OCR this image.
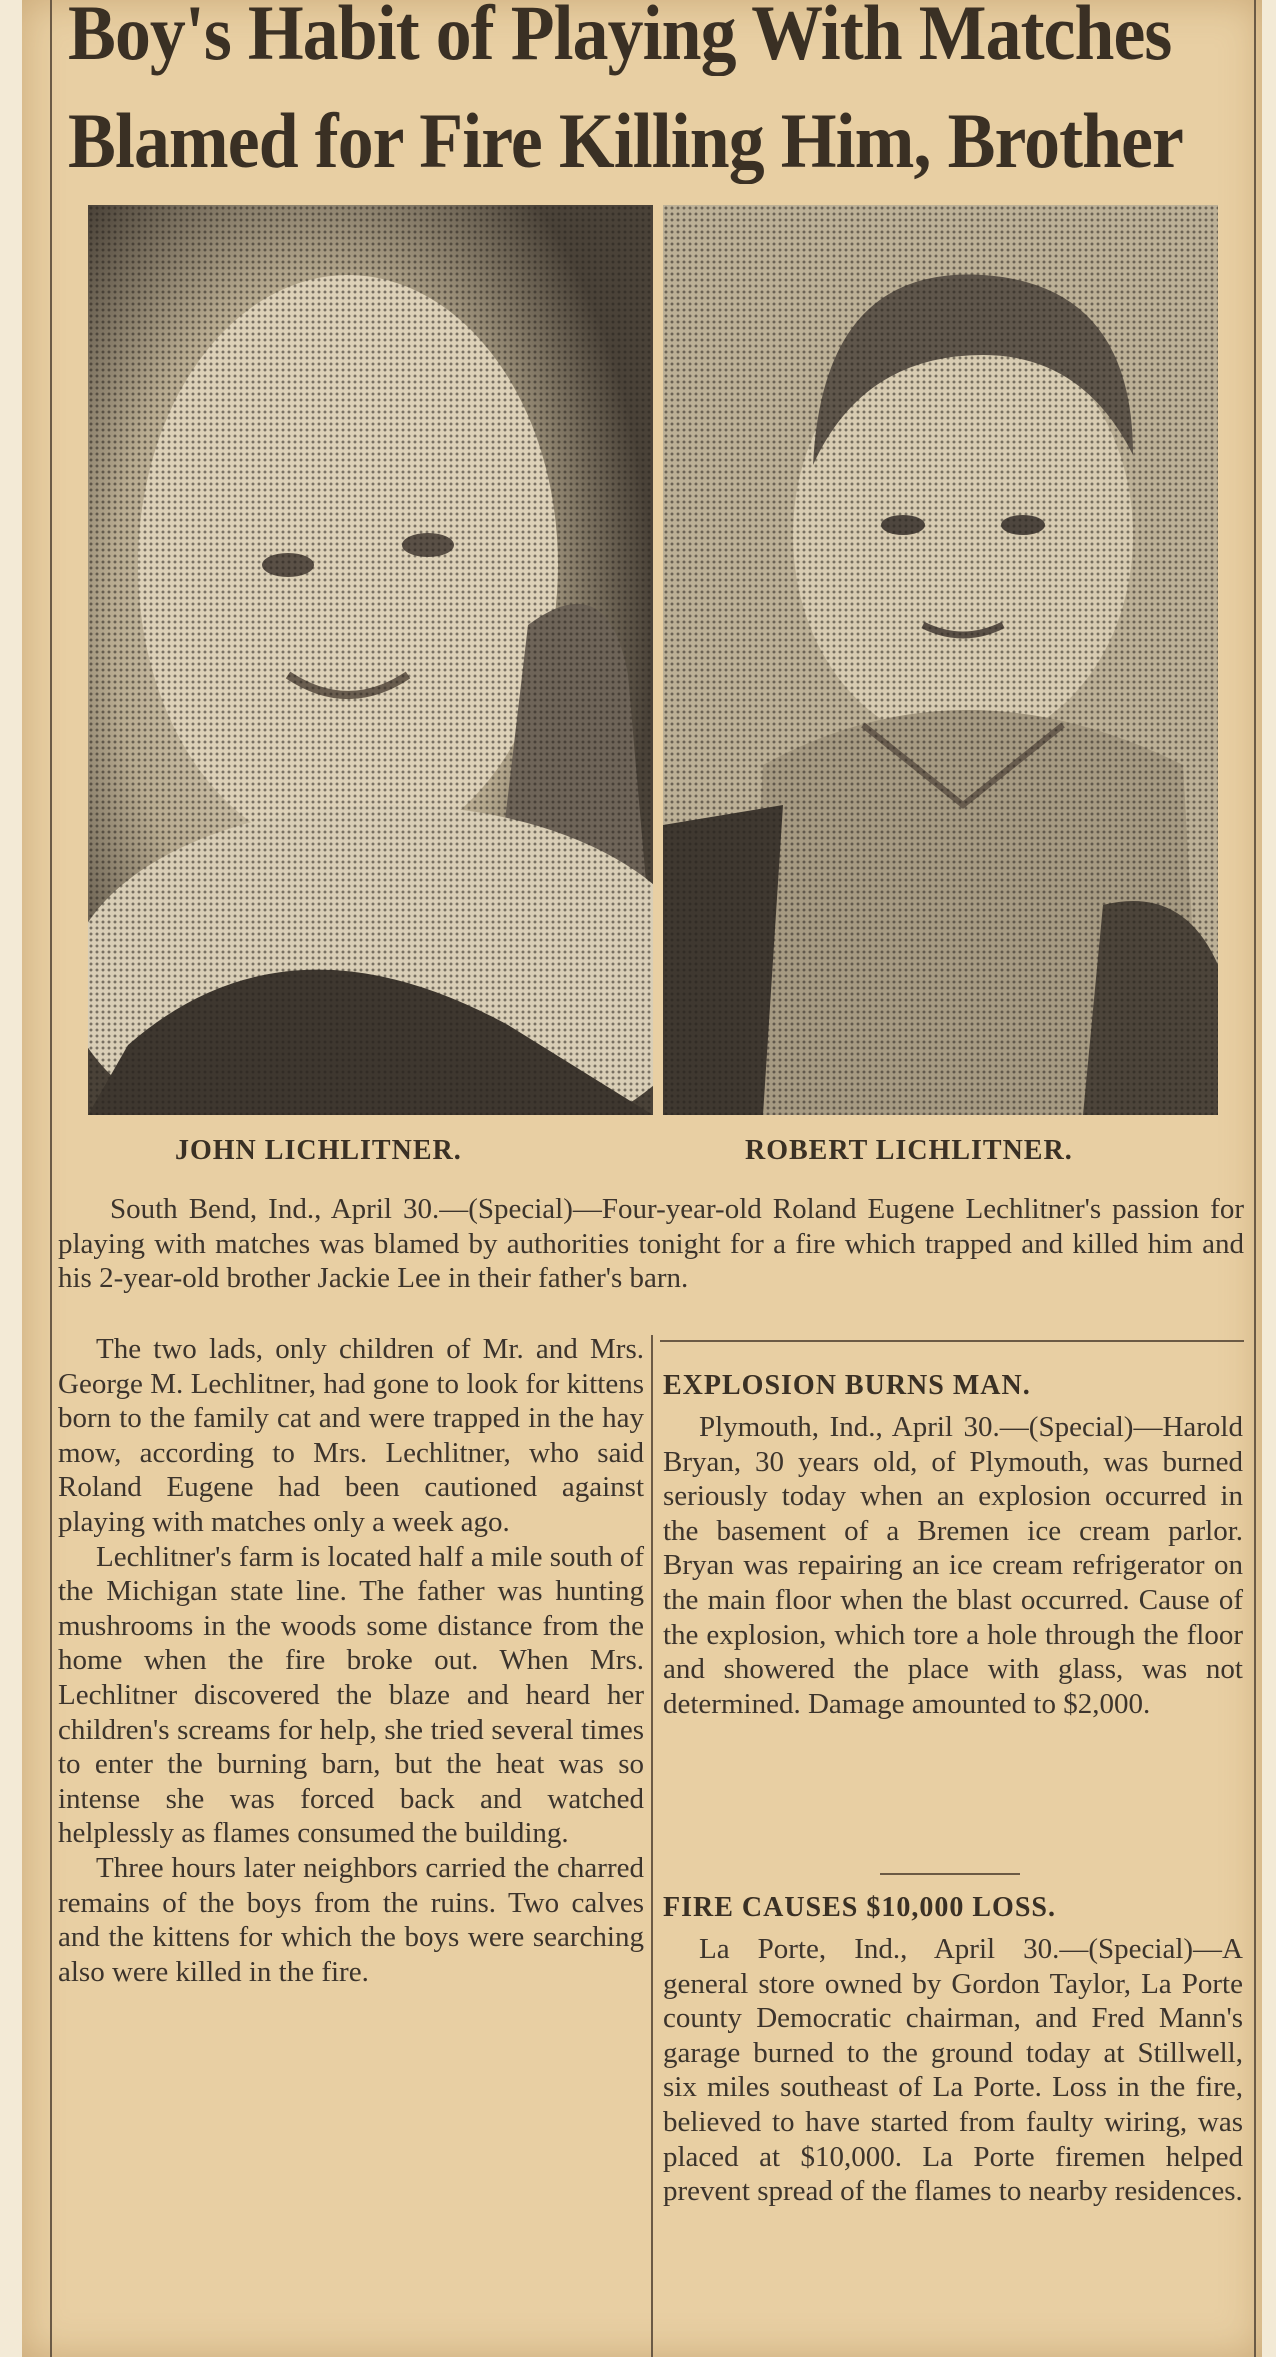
Boy's Habit of Playing With Matches
Blamed for Fire Killing Him, Brother
JOHN LICHLITNER.	ROBERT LICHLITNER.
South Bend, Ind., April 30.—(Special)—Four-year-old Roland Eugene Lechlitner's passion for playing with matches was blamed by authorities tonight for a fire which trapped and killed him and his 2-year-old brother Jackie Lee in their father's barn.
The two lads, only children of Mr. and Mrs. George M. Lechlitner, had gone to look for kittens born to the family cat and were trapped in the hay mow, according to Mrs. Lechlitner, who said Roland Eugene had been cautioned against playing with matches only a week ago.
Lechlitner's farm is located half a mile south of the Michigan state line. The father was hunting mushrooms in the woods some distance from the home when the fire broke out. When Mrs. Lechlitner discovered the blaze and heard her children's screams for help, she tried several times to enter the burning barn, but the heat was so intense she was forced back and watched helplessly as flames consumed the building.
Three hours later neighbors carried the charred remains of the boys from the ruins. Two calves and the kittens for which the boys were searching also were killed in the fire.
EXPLOSION BURNS MAN.
Plymouth, Ind., April 30.—(Special)—Harold Bryan, 30 years old, of Plymouth, was burned seriously today when an explosion occurred in the basement of a Bremen ice cream parlor. Bryan was repairing an ice cream refrigerator on the main floor when the blast occurred. Cause of the explosion, which tore a hole through the floor and showered the place with glass, was not determined. Damage amounted to $2,000.
FIRE CAUSES $10,000 LOSS.
La Porte, Ind., April 30.—(Special)—A general store owned by Gordon Taylor, La Porte county Democratic chairman, and Fred Mann's garage burned to the ground today at Stillwell, six miles southeast of La Porte. Loss in the fire, believed to have started from faulty wiring, was placed at $10,000. La Porte firemen helped prevent spread of the flames to nearby residences.
